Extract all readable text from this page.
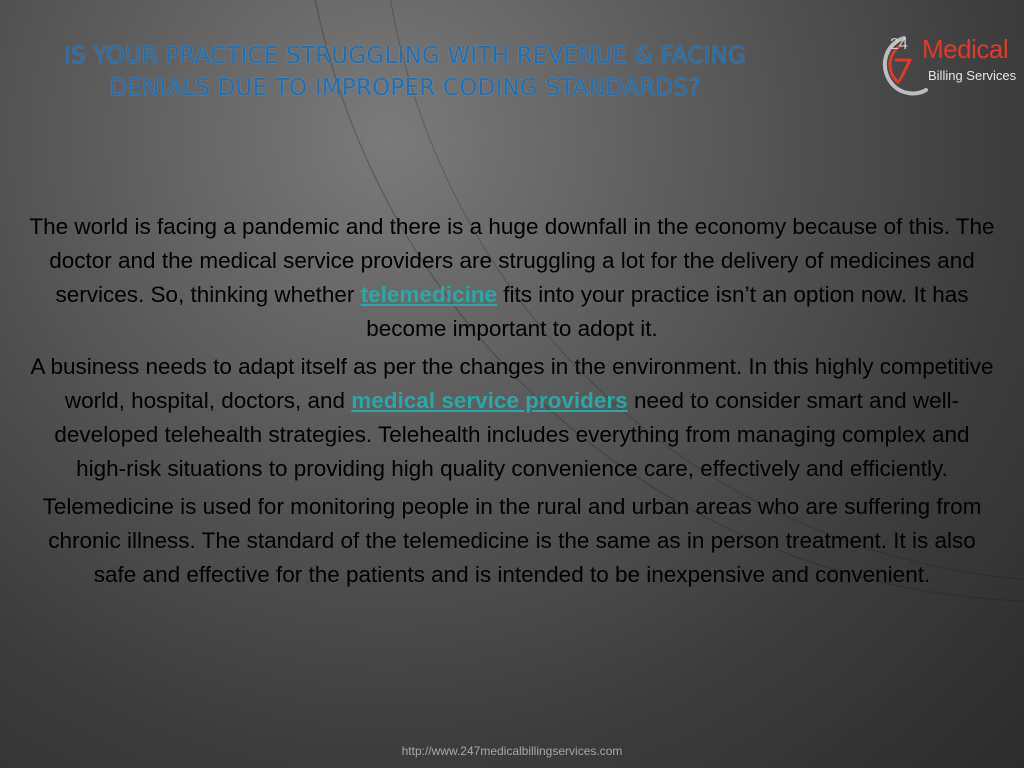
IS YOUR PRACTICE STRUGGLING WITH REVENUE & FACING
DENIALS DUE TO IMPROPER CODING STANDARDS?
24 Medical
Billing Services

The world is facing a pandemic and there is a huge downfall in the economy because of this. The doctor and the medical service providers are struggling a lot for the delivery of medicines and services. So, thinking whether telemedicine fits into your practice isn’t an option now. It has become important to adopt it.

A business needs to adapt itself as per the changes in the environment. In this highly competitive world, hospital, doctors, and medical service providers need to consider smart and well-developed telehealth strategies. Telehealth includes everything from managing complex and high-risk situations to providing high quality convenience care, effectively and efficiently.

Telemedicine is used for monitoring people in the rural and urban areas who are suffering from chronic illness. The standard of the telemedicine is the same as in person treatment. It is also safe and effective for the patients and is intended to be inexpensive and convenient.

http://www.247medicalbillingservices.com
